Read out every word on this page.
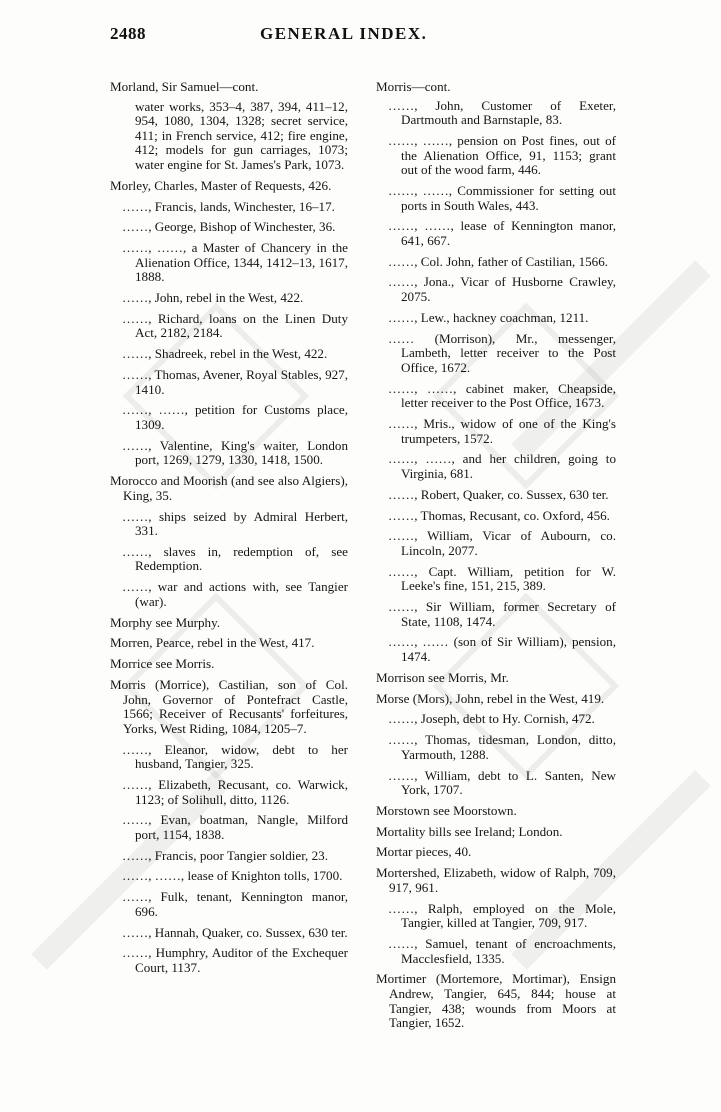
2488	GENERAL INDEX.

Morland, Sir Samuel—cont.

water works, 353–4, 387, 394, 411–12, 954, 1080, 1304, 1328; secret service, 411; in French service, 412; fire engine, 412; models for gun carriages, 1073; water engine for St. James's Park, 1073.

Morley, Charles, Master of Requests, 426.

……, Francis, lands, Winchester, 16–17.

……, George, Bishop of Winchester, 36.

……, ……, a Master of Chancery in the Alienation Office, 1344, 1412–13, 1617, 1888.

……, John, rebel in the West, 422.

……, Richard, loans on the Linen Duty Act, 2182, 2184.

……, Shadreek, rebel in the West, 422.

……, Thomas, Avener, Royal Stables, 927, 1410.

……, ……, petition for Customs place, 1309.

……, Valentine, King's waiter, London port, 1269, 1279, 1330, 1418, 1500.

Morocco and Moorish (and see also Algiers), King, 35.

……, ships seized by Admiral Herbert, 331.

……, slaves in, redemption of, see Redemption.

……, war and actions with, see Tangier (war).

Morphy see Murphy.

Morren, Pearce, rebel in the West, 417.

Morrice see Morris.

Morris (Morrice), Castilian, son of Col. John, Governor of Pontefract Castle, 1566; Receiver of Recusants' forfeitures, Yorks, West Riding, 1084, 1205–7.

……, Eleanor, widow, debt to her husband, Tangier, 325.

……, Elizabeth, Recusant, co. Warwick, 1123; of Solihull, ditto, 1126.

……, Evan, boatman, Nangle, Milford port, 1154, 1838.

……, Francis, poor Tangier soldier, 23.

……, ……, lease of Knighton tolls, 1700.

……, Fulk, tenant, Kennington manor, 696.

……, Hannah, Quaker, co. Sussex, 630 ter.

……, Humphry, Auditor of the Exchequer Court, 1137.

Morris—cont.

……, John, Customer of Exeter, Dartmouth and Barnstaple, 83.

……, ……, pension on Post fines, out of the Alienation Office, 91, 1153; grant out of the wood farm, 446.

……, ……, Commissioner for setting out ports in South Wales, 443.

……, ……, lease of Kennington manor, 641, 667.

……, Col. John, father of Castilian, 1566.

……, Jona., Vicar of Husborne Crawley, 2075.

……, Lew., hackney coachman, 1211.

…… (Morrison), Mr., messenger, Lambeth, letter receiver to the Post Office, 1672.

……, ……, cabinet maker, Cheapside, letter receiver to the Post Office, 1673.

……, Mris., widow of one of the King's trumpeters, 1572.

……, ……, and her children, going to Virginia, 681.

……, Robert, Quaker, co. Sussex, 630 ter.

……, Thomas, Recusant, co. Oxford, 456.

……, William, Vicar of Aubourn, co. Lincoln, 2077.

……, Capt. William, petition for W. Leeke's fine, 151, 215, 389.

……, Sir William, former Secretary of State, 1108, 1474.

……, …… (son of Sir William), pension, 1474.

Morrison see Morris, Mr.

Morse (Mors), John, rebel in the West, 419.

……, Joseph, debt to Hy. Cornish, 472.

……, Thomas, tidesman, London, ditto, Yarmouth, 1288.

……, William, debt to L. Santen, New York, 1707.

Morstown see Moorstown.

Mortality bills see Ireland; London.

Mortar pieces, 40.

Mortershed, Elizabeth, widow of Ralph, 709, 917, 961.

……, Ralph, employed on the Mole, Tangier, killed at Tangier, 709, 917.

……, Samuel, tenant of encroachments, Macclesfield, 1335.

Mortimer (Mortemore, Mortimar), Ensign Andrew, Tangier, 645, 844; house at Tangier, 438; wounds from Moors at Tangier, 1652.
